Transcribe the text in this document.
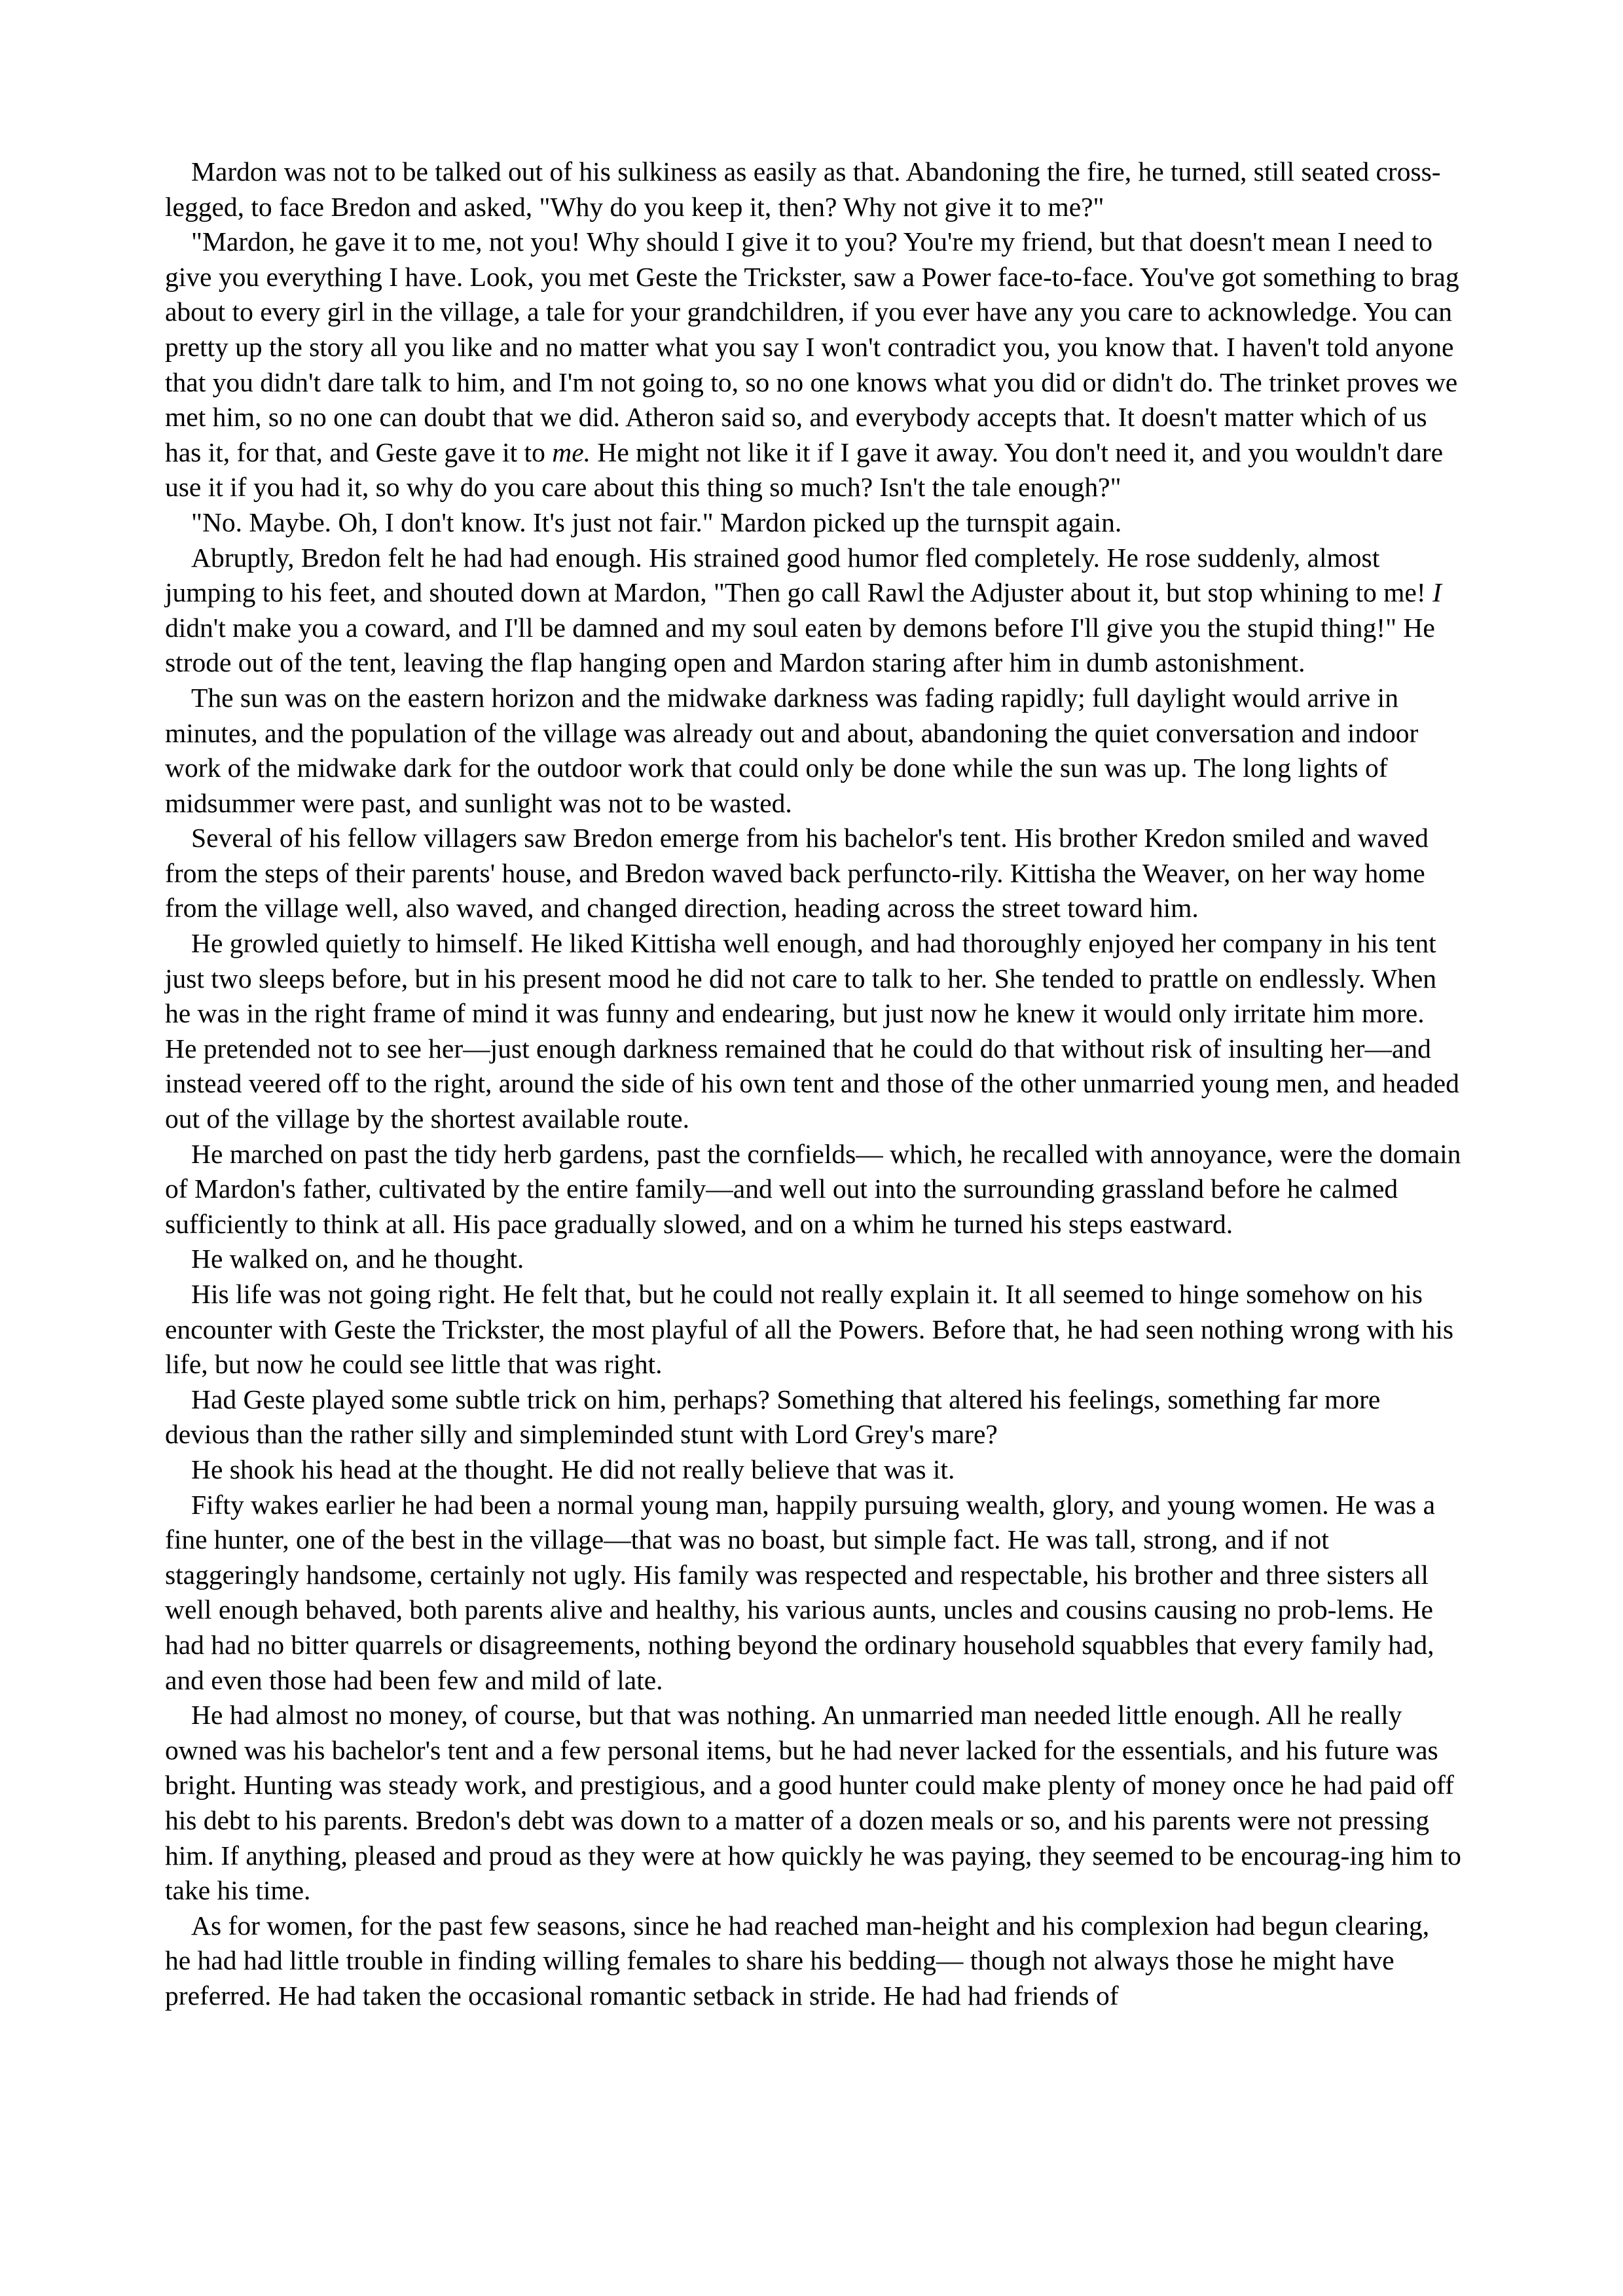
Mardon was not to be talked out of his sulkiness as easily as that. Abandoning the fire, he turned, still seated cross-legged, to face Bredon and asked, "Why do you keep it, then? Why not give it to me?"

"Mardon, he gave it to me, not you! Why should I give it to you? You're my friend, but that doesn't mean I need to give you everything I have. Look, you met Geste the Trickster, saw a Power face-to-face. You've got something to brag about to every girl in the village, a tale for your grandchildren, if you ever have any you care to acknowledge. You can pretty up the story all you like and no matter what you say I won't contradict you, you know that. I haven't told anyone that you didn't dare talk to him, and I'm not going to, so no one knows what you did or didn't do. The trinket proves we met him, so no one can doubt that we did. Atheron said so, and everybody accepts that. It doesn't matter which of us has it, for that, and Geste gave it to me. He might not like it if I gave it away. You don't need it, and you wouldn't dare use it if you had it, so why do you care about this thing so much? Isn't the tale enough?"

"No. Maybe. Oh, I don't know. It's just not fair." Mardon picked up the turnspit again.

Abruptly, Bredon felt he had had enough. His strained good humor fled completely. He rose suddenly, almost jumping to his feet, and shouted down at Mardon, "Then go call Rawl the Adjuster about it, but stop whining to me! I didn't make you a coward, and I'll be damned and my soul eaten by demons before I'll give you the stupid thing!" He strode out of the tent, leaving the flap hanging open and Mardon staring after him in dumb astonishment.

The sun was on the eastern horizon and the midwake darkness was fading rapidly; full daylight would arrive in minutes, and the population of the village was already out and about, abandoning the quiet conversation and indoor work of the midwake dark for the outdoor work that could only be done while the sun was up. The long lights of midsummer were past, and sunlight was not to be wasted.

Several of his fellow villagers saw Bredon emerge from his bachelor's tent. His brother Kredon smiled and waved from the steps of their parents' house, and Bredon waved back perfuncto-rily. Kittisha the Weaver, on her way home from the village well, also waved, and changed direction, heading across the street toward him.

He growled quietly to himself. He liked Kittisha well enough, and had thoroughly enjoyed her company in his tent just two sleeps before, but in his present mood he did not care to talk to her. She tended to prattle on endlessly. When he was in the right frame of mind it was funny and endearing, but just now he knew it would only irritate him more. He pretended not to see her—just enough darkness remained that he could do that without risk of insulting her—and instead veered off to the right, around the side of his own tent and those of the other unmarried young men, and headed out of the village by the shortest available route.

He marched on past the tidy herb gardens, past the cornfields— which, he recalled with annoyance, were the domain of Mardon's father, cultivated by the entire family—and well out into the surrounding grassland before he calmed sufficiently to think at all. His pace gradually slowed, and on a whim he turned his steps eastward.

He walked on, and he thought.

His life was not going right. He felt that, but he could not really explain it. It all seemed to hinge somehow on his encounter with Geste the Trickster, the most playful of all the Powers. Before that, he had seen nothing wrong with his life, but now he could see little that was right.

Had Geste played some subtle trick on him, perhaps? Something that altered his feelings, something far more devious than the rather silly and simpleminded stunt with Lord Grey's mare?

He shook his head at the thought. He did not really believe that was it.

Fifty wakes earlier he had been a normal young man, happily pursuing wealth, glory, and young women. He was a fine hunter, one of the best in the village—that was no boast, but simple fact. He was tall, strong, and if not staggeringly handsome, certainly not ugly. His family was respected and respectable, his brother and three sisters all well enough behaved, both parents alive and healthy, his various aunts, uncles and cousins causing no prob-lems. He had had no bitter quarrels or disagreements, nothing beyond the ordinary household squabbles that every family had, and even those had been few and mild of late.

He had almost no money, of course, but that was nothing. An unmarried man needed little enough. All he really owned was his bachelor's tent and a few personal items, but he had never lacked for the essentials, and his future was bright. Hunting was steady work, and prestigious, and a good hunter could make plenty of money once he had paid off his debt to his parents. Bredon's debt was down to a matter of a dozen meals or so, and his parents were not pressing him. If anything, pleased and proud as they were at how quickly he was paying, they seemed to be encourag-ing him to take his time.

As for women, for the past few seasons, since he had reached man-height and his complexion had begun clearing, he had had little trouble in finding willing females to share his bedding— though not always those he might have preferred. He had taken the occasional romantic setback in stride. He had had friends of
